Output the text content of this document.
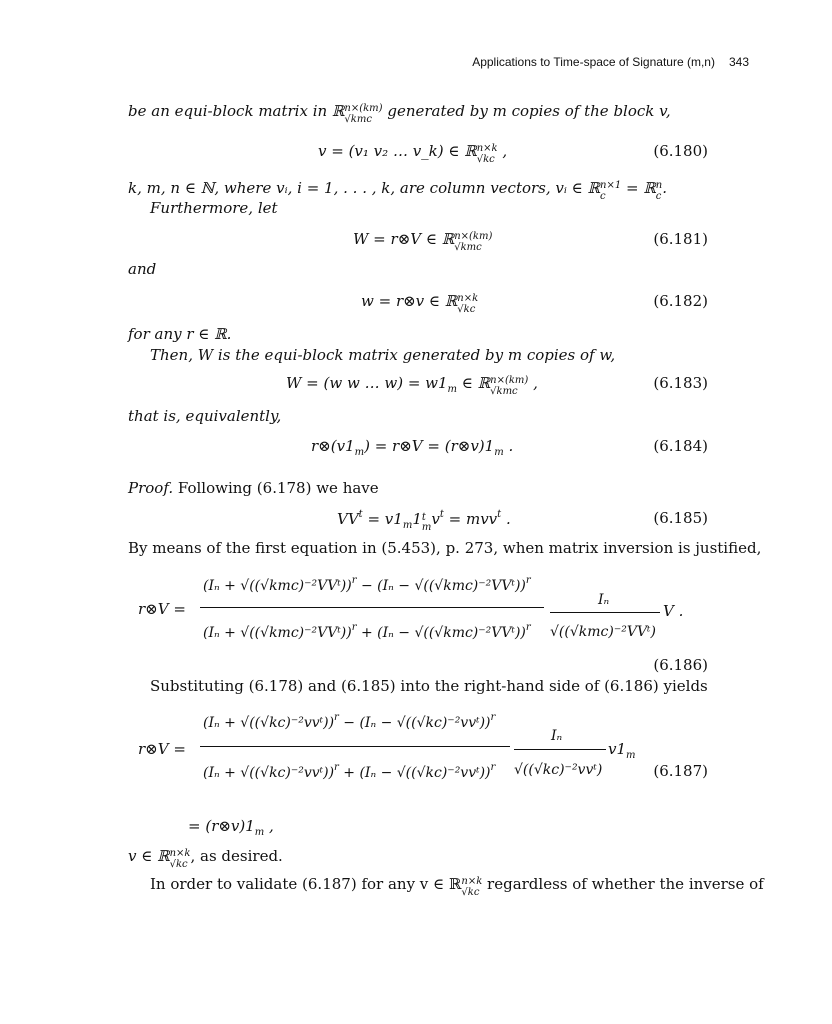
Applications to Time-space of Signature (m,n) 343
be an equi-block matrix in ℝ n×(km)
√kmc generated by m copies of the block v,
v = (v₁ v₂ … v_k) ∈ ℝ n×k
√kc ,	(6.180)
k, m, n ∈ ℕ, where vᵢ, i = 1, . . . , k, are column vectors, vᵢ ∈ ℝ n×1
c	= ℝ n
c .
Furthermore, let
W = r⊗V ∈ ℝ n×(km)
√kmc	(6.181)
and
w = r⊗v ∈ ℝ n×k
√kc	(6.182)
for any r ∈ ℝ.
Then, W is the equi-block matrix generated by m copies of w,
W = (w w … $w) = w1_m$ ∈ ℝ n×(km)
√kmc ,	(6.183)
that is, equivalently,
$r\otimes(v1_m)$ = r⊗V = $(r\otimes v)1_m$ .	(6.184)
Proof. Following (6.178) we have
$VV^t = v1_m1$ t
m $v^t = mvv^t$ .	(6.185)
By means of the first equation in (5.453), p. 273, when matrix inversion is justified,
r⊗V =
(Iₙ + √((√kmc)⁻²VVᵗ))$^r$ − (Iₙ − √((√kmc)⁻²VVᵗ))$^r$
(Iₙ + √((√kmc)⁻²VVᵗ))$^r$ + (Iₙ − √((√kmc)⁻²VVᵗ))$^r$
Iₙ
√((√kmc)⁻²VVᵗ)
V .
(6.186)
Substituting (6.178) and (6.185) into the right-hand side of (6.186) yields
r⊗V =
(Iₙ + √((√kc)⁻²vvᵗ))$^r$ − (Iₙ − √((√kc)⁻²vvᵗ))$^r$
(Iₙ + √((√kc)⁻²vvᵗ))$^r$ + (Iₙ − √((√kc)⁻²vvᵗ))$^r$
Iₙ
√((√kc)⁻²vvᵗ)
$v1_m$
(6.187)
= $(r\otimes v)1_m$ ,
v ∈ ℝ n×k
√kc , as desired.
In order to validate (6.187) for any v ∈ ℝ n×k
√kc regardless of whether the inverse of
